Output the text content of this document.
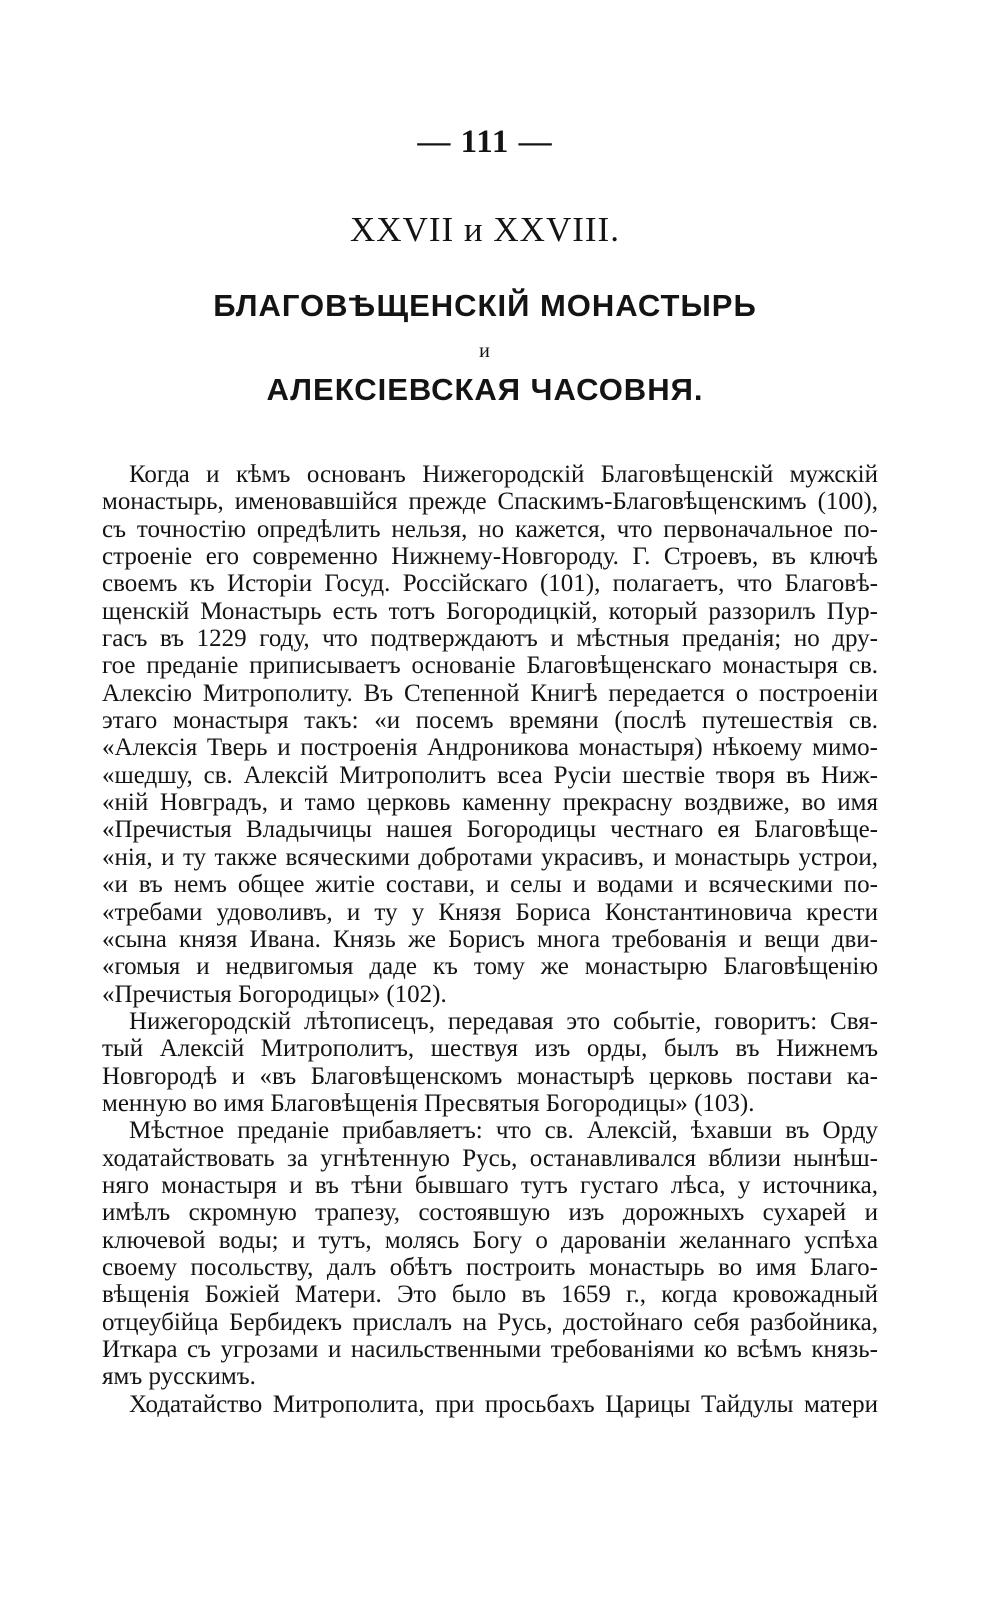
— 111 —
XXVII и XXVIII.
БЛАГОВѢЩЕНСКІЙ МОНАСТЫРЬ
и
АЛЕКСІЕВСКАЯ ЧАСОВНЯ.
Когда и кѣмъ основанъ Нижегородскій Благовѣщенскій мужскій
монастырь, именовавшійся прежде Спаскимъ-Благовѣщенскимъ (100),
съ точностію опредѣлить нельзя, но кажется, что первоначальное по-
строеніе его современно Нижнему-Новгороду. Г. Строевъ, въ ключѣ
своемъ къ Исторіи Госуд. Россійскаго (101), полагаетъ, что Благовѣ-
щенскій Монастырь есть тотъ Богородицкій, который раззорилъ Пур-
гасъ въ 1229 году, что подтверждаютъ и мѣстныя преданія; но дру-
гое преданіе приписываетъ основаніе Благовѣщенскаго монастыря св.
Алексію Митрополиту. Въ Степенной Книгѣ передается о построеніи
этаго монастыря такъ: «и посемъ времяни (послѣ путешествія св.
«Алексія Тверь и построенія Андроникова монастыря) нѣкоему мимо-
«шедшу, св. Алексій Митрополитъ всеа Русіи шествіе творя въ Ниж-
«ній Новградъ, и тамо церковь каменну прекрасну воздвиже, во имя
«Пречистыя Владычицы нашея Богородицы честнаго ея Благовѣще-
«нія, и ту также всяческими добротами украсивъ, и монастырь устрои,
«и въ немъ общее житіе состави, и селы и водами и всяческими по-
«требами удоволивъ, и ту у Князя Бориса Константиновича крести
«сына князя Ивана. Князь же Борисъ многа требованія и вещи дви-
«гомыя и недвигомыя даде къ тому же монастырю Благовѣщенію
«Пречистыя Богородицы» (102).
Нижегородскій лѣтописецъ, передавая это событіе, говоритъ: Свя-
тый Алексій Митрополитъ, шествуя изъ орды, былъ въ Нижнемъ
Новгородѣ и «въ Благовѣщенскомъ монастырѣ церковь постави ка-
менную во имя Благовѣщенія Пресвятыя Богородицы» (103).
Мѣстное преданіе прибавляетъ: что св. Алексій, ѣхавши въ Орду
ходатайствовать за угнѣтенную Русь, останавливался вблизи нынѣш-
няго монастыря и въ тѣни бывшаго тутъ густаго лѣса, у источника,
имѣлъ скромную трапезу, состоявшую изъ дорожныхъ сухарей и
ключевой воды; и тутъ, молясь Богу о дарованіи желаннаго успѣха
своему посольству, далъ обѣтъ построить монастырь во имя Благо-
вѣщенія Божіей Матери. Это было въ 1659 г., когда кровожадный
отцеубійца Бербидекъ прислалъ на Русь, достойнаго себя разбойника,
Иткара съ угрозами и насильственными требованіями ко всѣмъ князь-
ямъ русскимъ.
Ходатайство Митрополита, при просьбахъ Царицы Тайдулы матери
